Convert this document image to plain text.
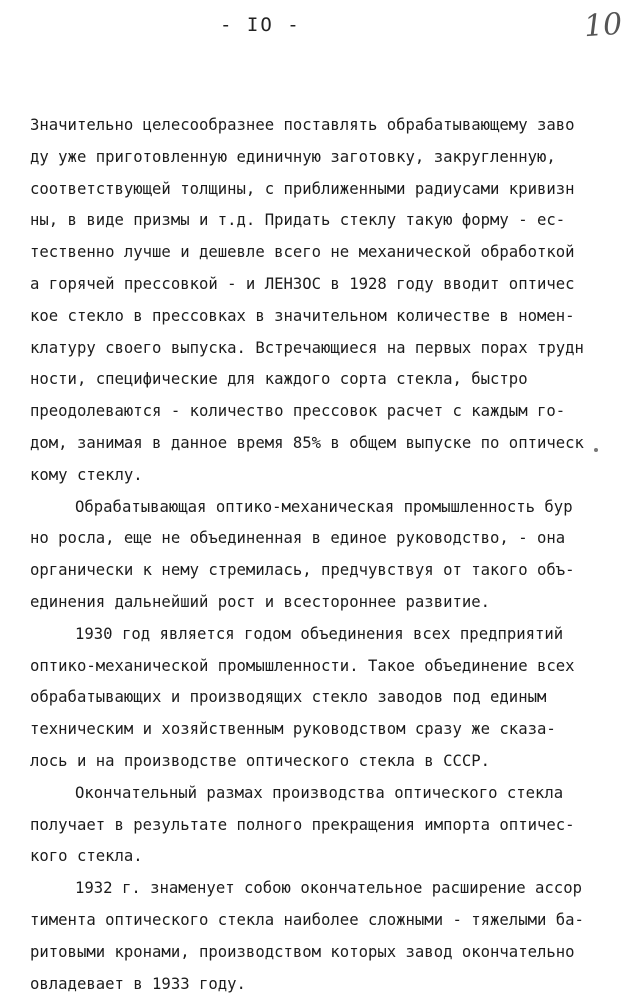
- IO -	10
Значительно целесообразнее поставлять обрабатывающему заво
ду уже приготовленную единичную заготовку, закругленную,
соответствующей толщины, с приближенными радиусами кривизн
ны, в виде призмы и т.д. Придать стеклу такую форму - ес-
тественно лучше и дешевле всего не механической обработкой
а горячей прессовкой - и ЛЕНЗОС в 1928 году вводит оптичес
кое стекло в прессовках в значительном количестве в номен-
клатуру своего выпуска. Встречающиеся на первых порах трудн
ности, специфические для каждого сорта стекла, быстро
преодолеваются - количество прессовок расчет с каждым го-
дом, занимая в данное время 85% в общем выпуске по оптическ
кому стеклу.
Обрабатывающая оптико-механическая промышленность бур
но росла, еще не объединенная в единое руководство, - она
органически к нему стремилась, предчувствуя от такого объ-
единения дальнейший рост и всестороннее развитие.
1930 год является годом объединения всех предприятий
оптико-механической промышленности. Такое объединение всех
обрабатывающих и производящих стекло заводов под единым
техническим и хозяйственным руководством сразу же сказа-
лось и на производстве оптического стекла в СССР.
Окончательный размах производства оптического стекла
получает в результате полного прекращения импорта оптичес-
кого стекла.
1932 г. знаменует собою окончательное расширение ассор
тимента оптического стекла наиболее сложными - тяжелыми ба-
ритовыми кронами, производством которых завод окончательно
овладевает в 1933 году.
